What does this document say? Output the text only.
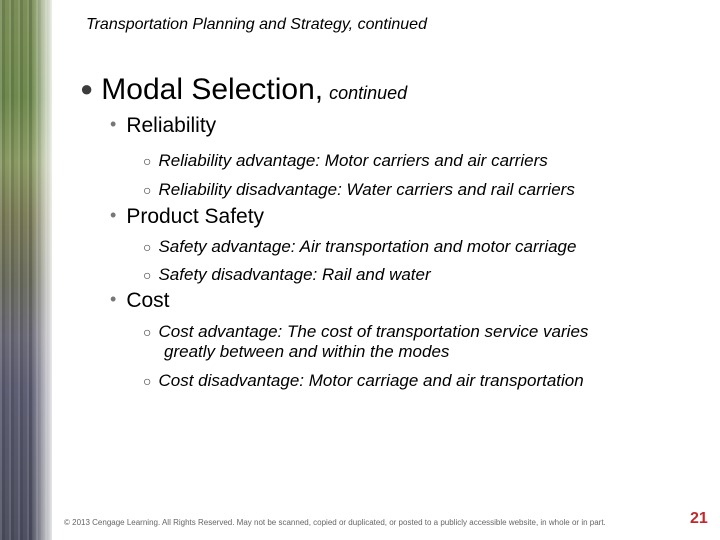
Transportation Planning and Strategy, continued
● Modal Selection, continued
• Reliability
○ Reliability advantage: Motor carriers and air carriers
○ Reliability disadvantage: Water carriers and rail carriers
• Product Safety
○ Safety advantage: Air transportation and motor carriage
○ Safety disadvantage: Rail and water
• Cost
○ Cost advantage: The cost of transportation service varies
greatly between and within the modes
○ Cost disadvantage: Motor carriage and air transportation
© 2013 Cengage Learning. All Rights Reserved. May not be scanned, copied or duplicated, or posted to a publicly accessible website, in whole or in part.	21
